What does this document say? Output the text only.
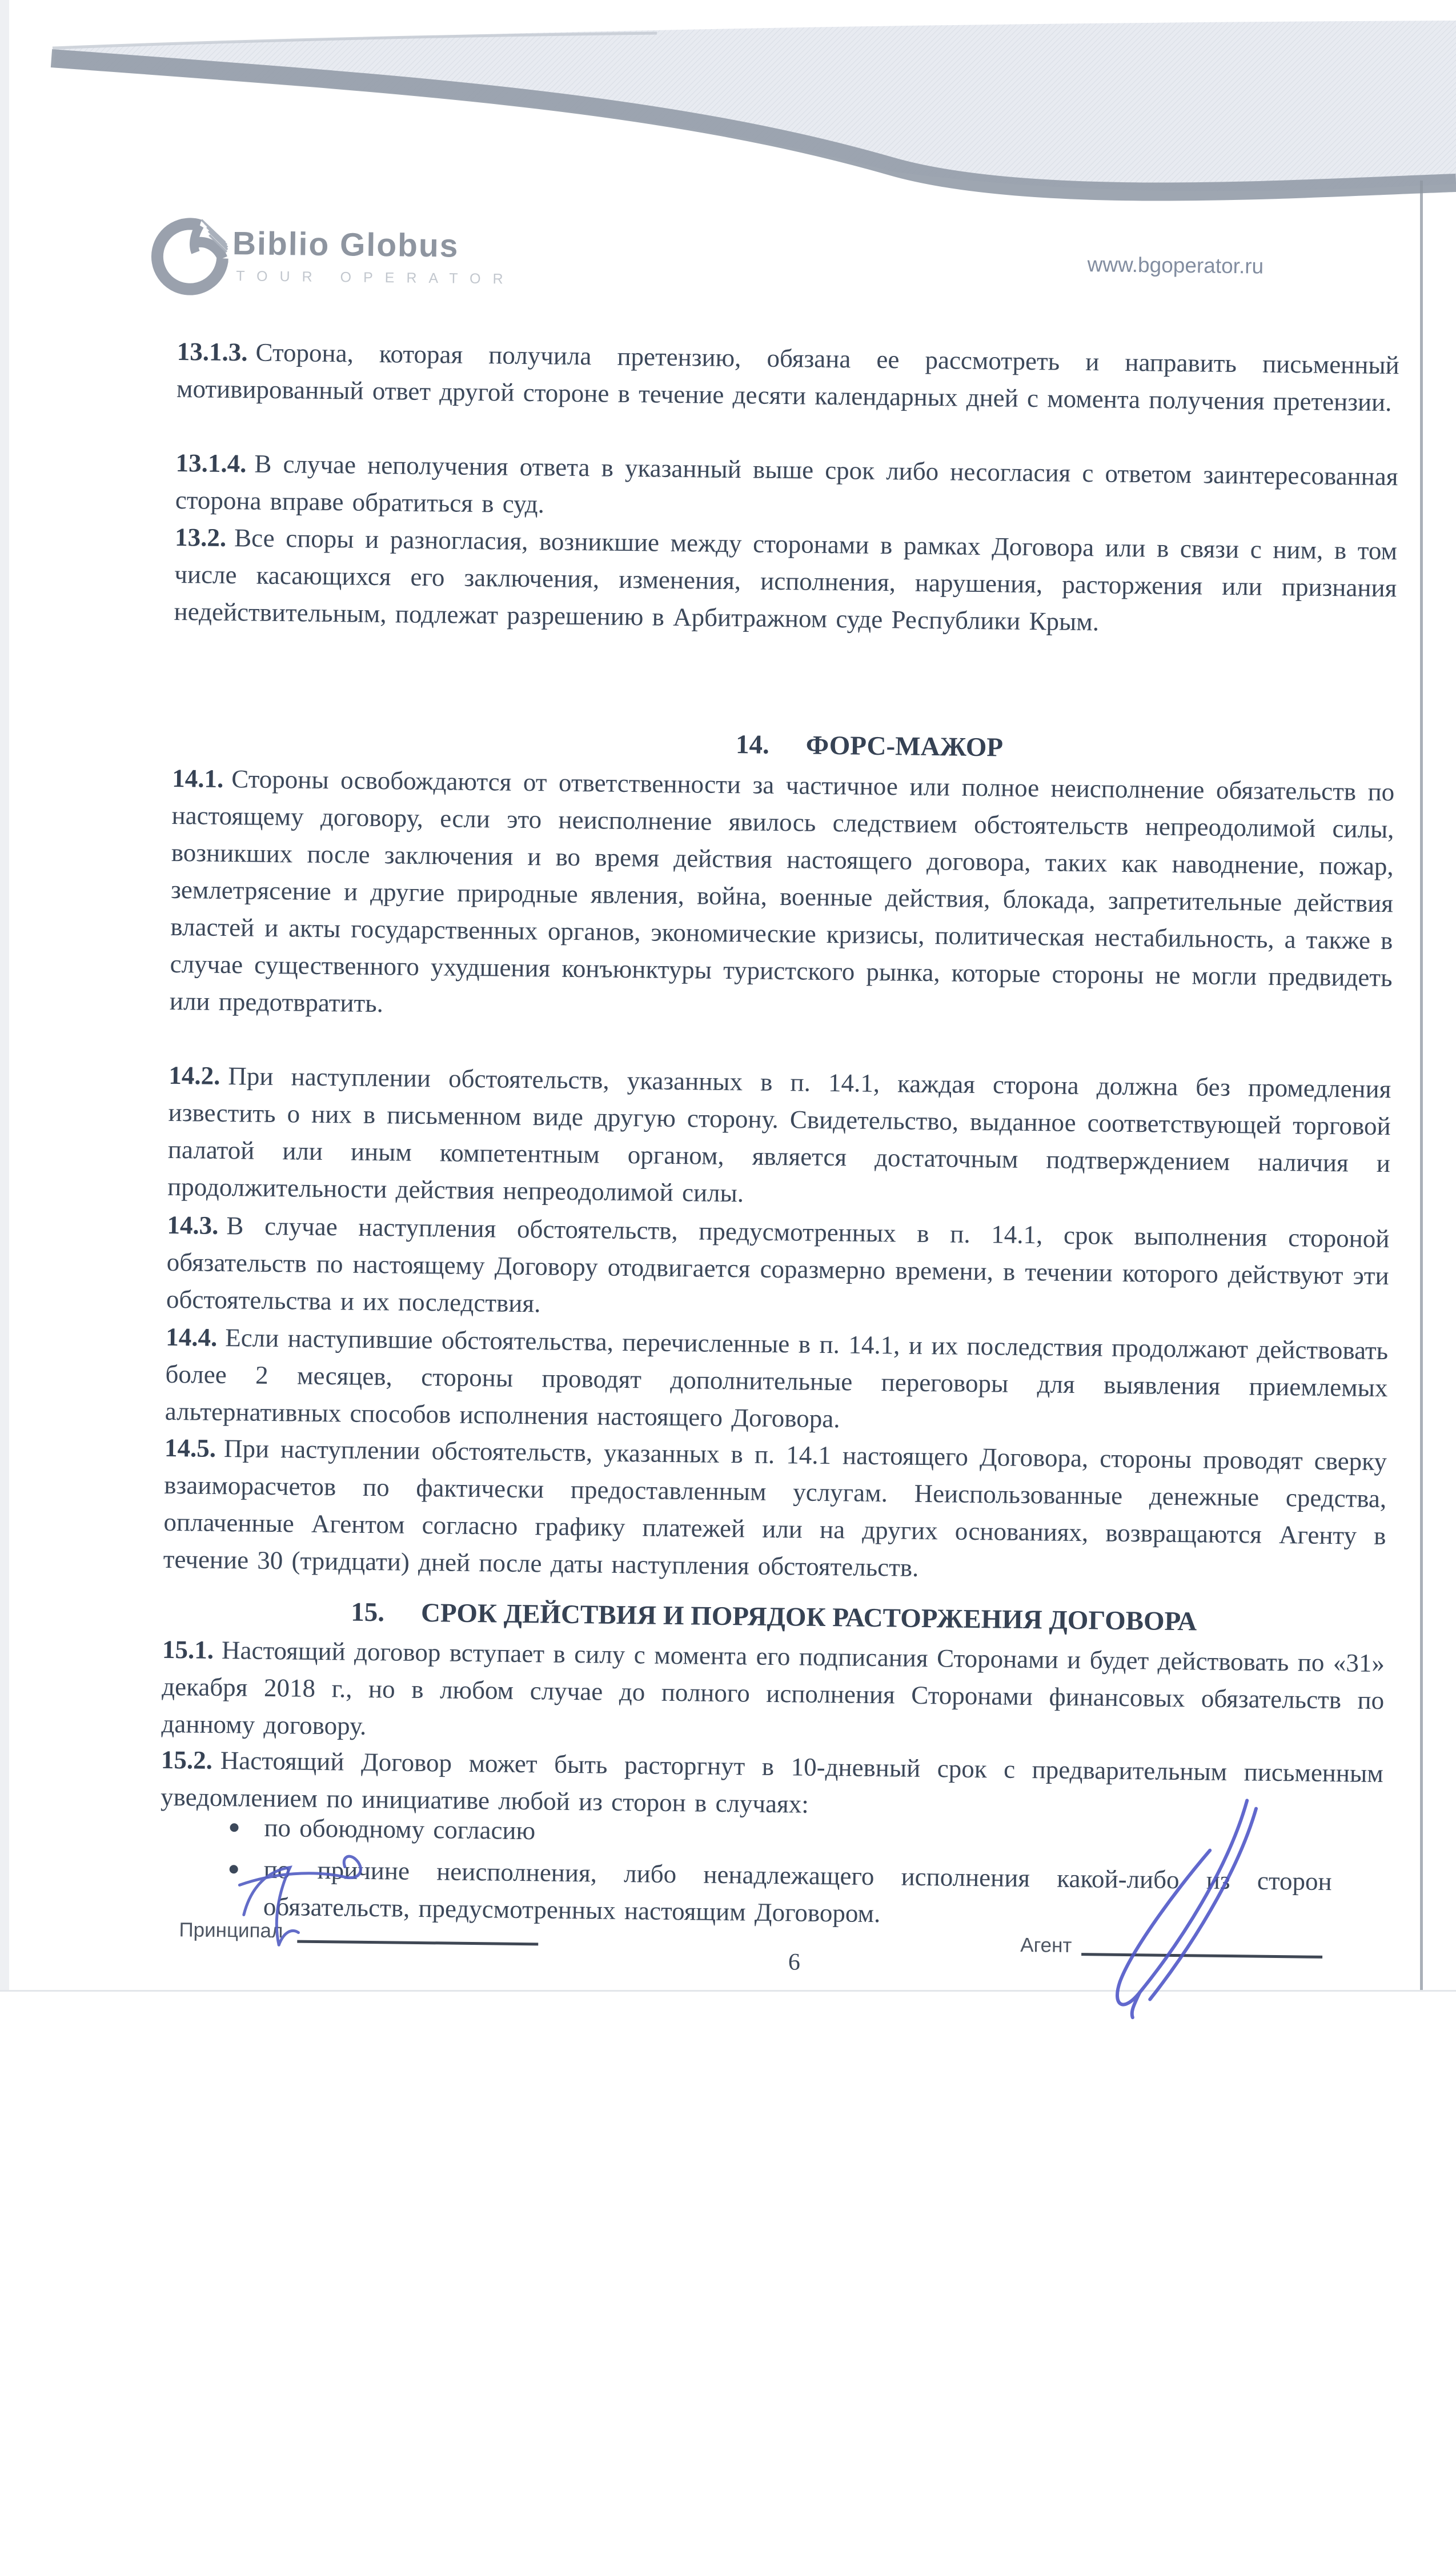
Biblio Globus
TOUR OPERATOR	www.bgoperator.ru

13.1.3. Сторона, которая получила претензию, обязана ее рассмотреть и направить письменный мотивированный ответ другой стороне в течение десяти календарных дней с момента получения претензии.

13.1.4. В случае неполучения ответа в указанный выше срок либо несогласия с ответом заинтересованная сторона вправе обратиться в суд.

13.2. Все споры и разногласия, возникшие между сторонами в рамках Договора или в связи с ним, в том числе касающихся его заключения, изменения, исполнения, нарушения, расторжения или признания недействительным, подлежат разрешению в Арбитражном суде Республики Крым.

14. ФОРС-МАЖОР

14.1. Стороны освобождаются от ответственности за частичное или полное неисполнение обязательств по настоящему договору, если это неисполнение явилось следствием обстоятельств непреодолимой силы, возникших после заключения и во время действия настоящего договора, таких как наводнение, пожар, землетрясение и другие природные явления, война, военные действия, блокада, запретительные действия властей и акты государственных органов, экономические кризисы, политическая нестабильность, а также в случае существенного ухудшения конъюнктуры туристского рынка, которые стороны не могли предвидеть или предотвратить.

14.2. При наступлении обстоятельств, указанных в п. 14.1, каждая сторона должна без промедления известить о них в письменном виде другую сторону. Свидетельство, выданное соответствующей торговой палатой или иным компетентным органом, является достаточным подтверждением наличия и продолжительности действия непреодолимой силы.

14.3. В случае наступления обстоятельств, предусмотренных в п. 14.1, срок выполнения стороной обязательств по настоящему Договору отодвигается соразмерно времени, в течении которого действуют эти обстоятельства и их последствия.

14.4. Если наступившие обстоятельства, перечисленные в п. 14.1, и их последствия продолжают действовать более 2 месяцев, стороны проводят дополнительные переговоры для выявления приемлемых альтернативных способов исполнения настоящего Договора.

14.5. При наступлении обстоятельств, указанных в п. 14.1 настоящего Договора, стороны проводят сверку взаиморасчетов по фактически предоставленным услугам. Неиспользованные денежные средства, оплаченные Агентом согласно графику платежей или на других основаниях, возвращаются Агенту в течение 30 (тридцати) дней после даты наступления обстоятельств.

15. СРОК ДЕЙСТВИЯ И ПОРЯДОК РАСТОРЖЕНИЯ ДОГОВОРА

15.1. Настоящий договор вступает в силу с момента его подписания Сторонами и будет действовать по «31» декабря 2018 г., но в любом случае до полного исполнения Сторонами финансовых обязательств по данному договору.

15.2. Настоящий Договор может быть расторгнут в 10-дневный срок с предварительным письменным уведомлением по инициативе любой из сторон в случаях:

по обоюдному согласию
по причине неисполнения, либо ненадлежащего исполнения какой-либо из сторон обязательств, предусмотренных настоящим Договором.
Принципал
Агент
6
